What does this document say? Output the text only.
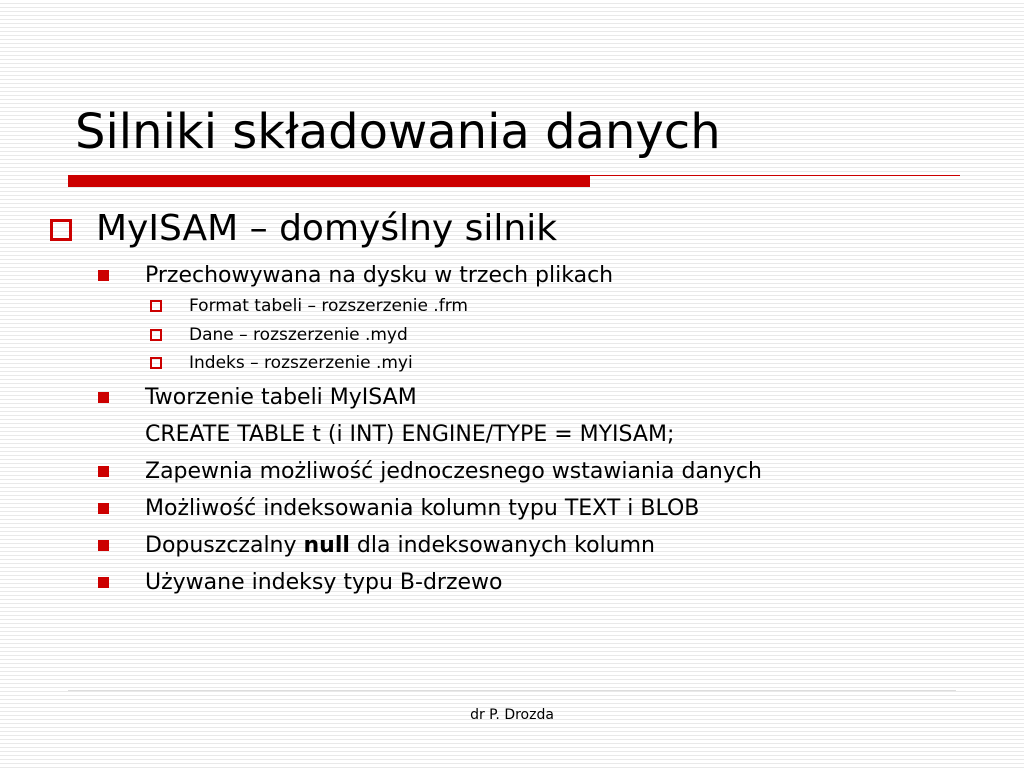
Silniki składowania danych
MyISAM – domyślny silnik
Przechowywana na dysku w trzech plikach
Format tabeli – rozszerzenie .frm
Dane – rozszerzenie .myd
Indeks – rozszerzenie .myi
Tworzenie tabeli MyISAM
CREATE TABLE t (i INT) ENGINE/TYPE = MYISAM;
Zapewnia możliwość jednoczesnego wstawiania danych
Możliwość indeksowania kolumn typu TEXT i BLOB
Dopuszczalny null dla indeksowanych kolumn
Używane indeksy typu B-drzewo
dr P. Drozda
